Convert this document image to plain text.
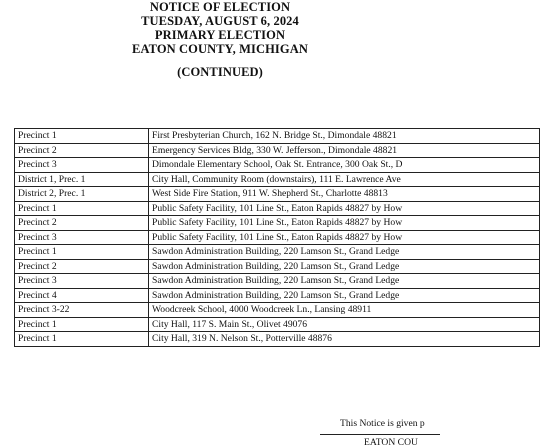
NOTICE OF ELECTION
TUESDAY, AUGUST 6, 2024
PRIMARY ELECTION
EATON COUNTY, MICHIGAN
(CONTINUED)
Precinct 1	First Presbyterian Church, 162 N. Bridge St., Dimondale 48821
Precinct 2	Emergency Services Bldg, 330 W. Jefferson., Dimondale 48821
Precinct 3	Dimondale Elementary School, Oak St. Entrance, 300 Oak St., D
District 1, Prec. 1	City Hall, Community Room (downstairs), 111 E. Lawrence Ave
District 2, Prec. 1	West Side Fire Station, 911 W. Shepherd St., Charlotte 48813
Precinct 1	Public Safety Facility, 101 Line St., Eaton Rapids 48827 by How
Precinct 2	Public Safety Facility, 101 Line St., Eaton Rapids 48827 by How
Precinct 3	Public Safety Facility, 101 Line St., Eaton Rapids 48827 by How
Precinct 1	Sawdon Administration Building, 220 Lamson St., Grand Ledge
Precinct 2	Sawdon Administration Building, 220 Lamson St., Grand Ledge
Precinct 3	Sawdon Administration Building, 220 Lamson St., Grand Ledge
Precinct 4	Sawdon Administration Building, 220 Lamson St., Grand Ledge
Precinct 3-22	Woodcreek School, 4000 Woodcreek Ln., Lansing 48911
Precinct 1	City Hall, 117 S. Main St., Olivet 49076
Precinct 1	City Hall, 319 N. Nelson St., Potterville 48876
This Notice is given p
EATON COU
